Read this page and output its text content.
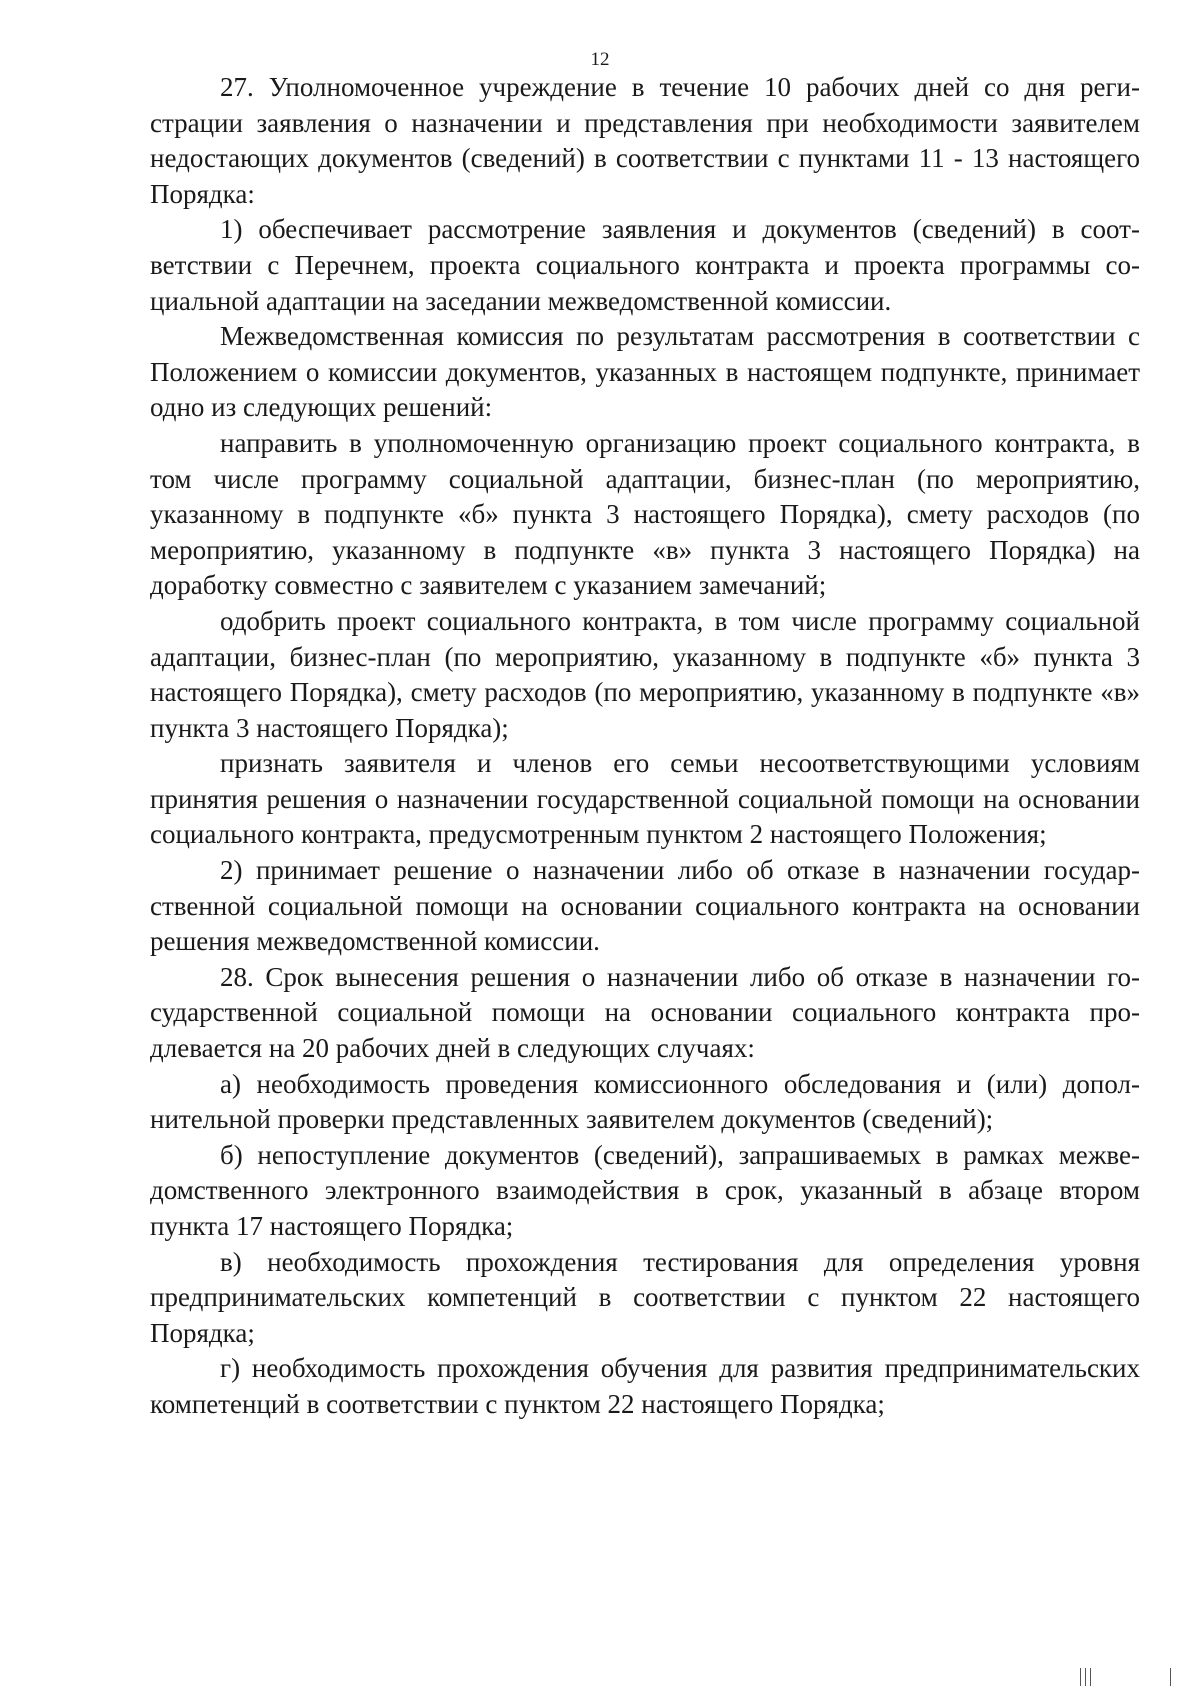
12

27. Уполномоченное учреждение в течение 10 рабочих дней со дня регистрации заявления о назначении и представления при необходимости заявителем недостающих документов (сведений) в соответствии с пунктами 11 - 13 настоящего Порядка:

1) обеспечивает рассмотрение заявления и документов (сведений) в соответствии с Перечнем, проекта социального контракта и проекта программы социальной адаптации на заседании межведомственной комиссии.

Межведомственная комиссия по результатам рассмотрения в соответствии с Положением о комиссии документов, указанных в настоящем подпункте, принимает одно из следующих решений:

направить в уполномоченную организацию проект социального контракта, в том числе программу социальной адаптации, бизнес-план (по мероприятию, указанному в подпункте «б» пункта 3 настоящего Порядка), смету расходов (по мероприятию, указанному в подпункте «в» пункта 3 настоящего Порядка) на доработку совместно с заявителем с указанием замечаний;

одобрить проект социального контракта, в том числе программу социальной адаптации, бизнес-план (по мероприятию, указанному в подпункте «б» пункта 3 настоящего Порядка), смету расходов (по мероприятию, указанному в подпункте «в» пункта 3 настоящего Порядка);

признать заявителя и членов его семьи несоответствующими условиям принятия решения о назначении государственной социальной помощи на основании социального контракта, предусмотренным пунктом 2 настоящего Положения;

2) принимает решение о назначении либо об отказе в назначении государственной социальной помощи на основании социального контракта на основании решения межведомственной комиссии.

28. Срок вынесения решения о назначении либо об отказе в назначении государственной социальной помощи на основании социального контракта продлевается на 20 рабочих дней в следующих случаях:

а) необходимость проведения комиссионного обследования и (или) дополнительной проверки представленных заявителем документов (сведений);

б) непоступление документов (сведений), запрашиваемых в рамках межведомственного электронного взаимодействия в срок, указанный в абзаце втором пункта 17 настоящего Порядка;

в) необходимость прохождения тестирования для определения уровня предпринимательских компетенций в соответствии с пунктом 22 настоящего Порядка;

г) необходимость прохождения обучения для развития предпринимательских компетенций в соответствии с пунктом 22 настоящего Порядка;
